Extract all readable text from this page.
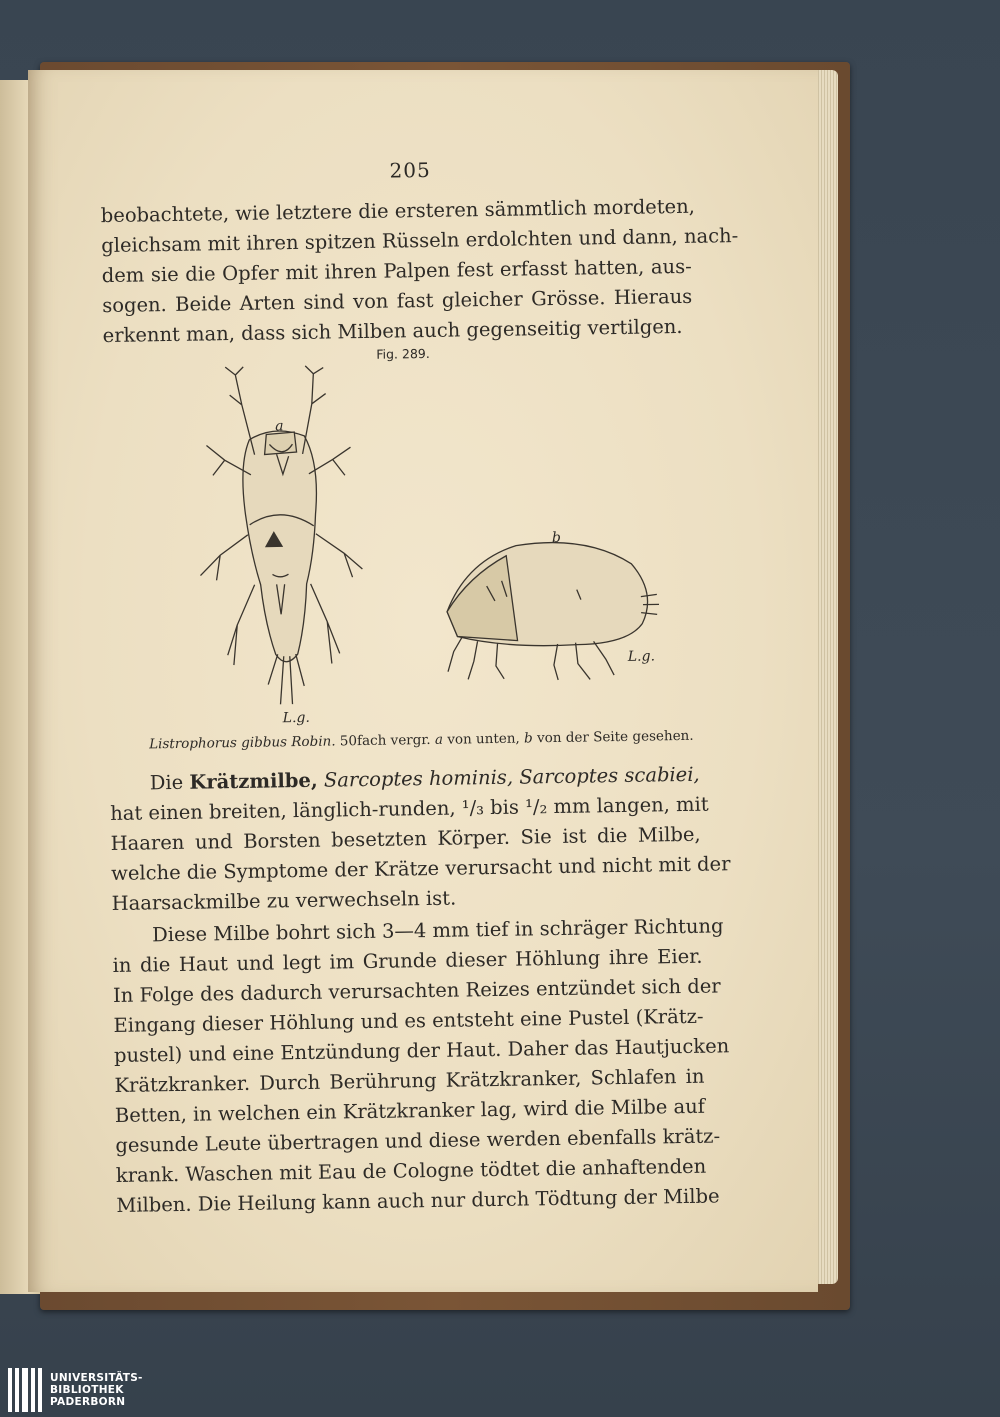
205
beobachtete, wie letztere die ersteren sämmtlich mordeten,
gleichsam mit ihren spitzen Rüsseln erdolchten und dann, nach-
dem sie die Opfer mit ihren Palpen fest erfasst hatten, aus-
sogen. Beide Arten sind von fast gleicher Grösse. Hieraus
erkennt man, dass sich Milben auch gegenseitig vertilgen.
Fig. 289.
a
L.g.
b
L.g.
Listrophorus gibbus Robin. 50fach vergr. a von unten, b von der Seite gesehen.
Die Krätzmilbe, Sarcoptes hominis, Sarcoptes scabiei,
hat einen breiten, länglich-runden, ¹/₃ bis ¹/₂ mm langen, mit
Haaren und Borsten besetzten Körper. Sie ist die Milbe,
welche die Symptome der Krätze verursacht und nicht mit der
Haarsackmilbe zu verwechseln ist.
Diese Milbe bohrt sich 3—4 mm tief in schräger Richtung
in die Haut und legt im Grunde dieser Höhlung ihre Eier.
In Folge des dadurch verursachten Reizes entzündet sich der
Eingang dieser Höhlung und es entsteht eine Pustel (Krätz-
pustel) und eine Entzündung der Haut. Daher das Hautjucken
Krätzkranker. Durch Berührung Krätzkranker, Schlafen in
Betten, in welchen ein Krätzkranker lag, wird die Milbe auf
gesunde Leute übertragen und diese werden ebenfalls krätz-
krank. Waschen mit Eau de Cologne tödtet die anhaftenden
Milben. Die Heilung kann auch nur durch Tödtung der Milbe
UNIVERSITÄTS-
BIBLIOTHEK
PADERBORN
